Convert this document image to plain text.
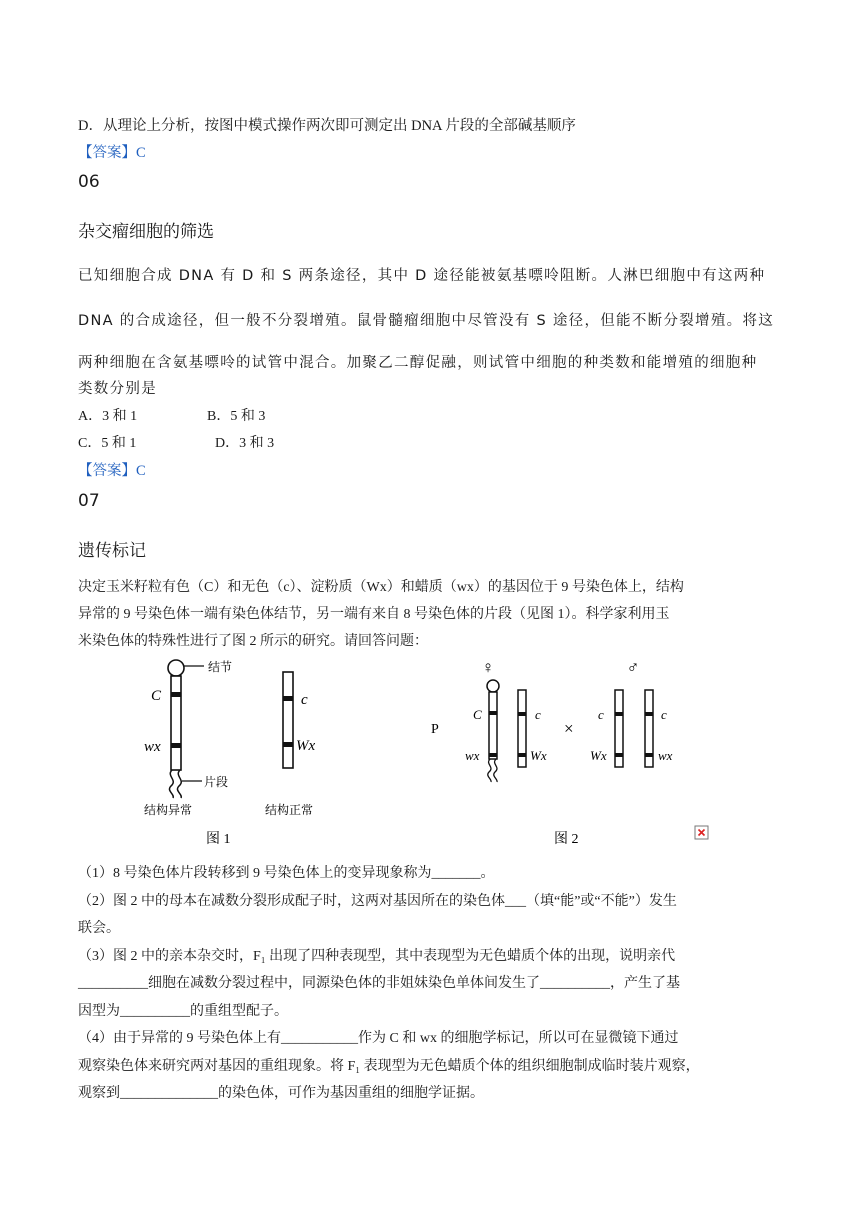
D．从理论上分析，按图中模式操作两次即可测定出 DNA 片段的全部碱基顺序
【答案】C
06
杂交瘤细胞的筛选
已知细胞合成 DNA 有 D 和 S 两条途径，其中 D 途径能被氨基嘌呤阻断。人淋巴细胞中有这两种
DNA 的合成途径，但一般不分裂增殖。鼠骨髓瘤细胞中尽管没有 S 途径，但能不断分裂增殖。将这
两种细胞在含氨基嘌呤的试管中混合。加聚乙二醇促融，则试管中细胞的种类数和能增殖的细胞种
类数分别是
A．3 和 1	B．5 和 3
C．5 和 1	D．3 和 3
【答案】C
07
遗传标记
决定玉米籽粒有色（C）和无色（c）、淀粉质（Wx）和蜡质（wx）的基因位于 9 号染色体上，结构
异常的 9 号染色体一端有染色体结节，另一端有来自 8 号染色体的片段（见图 1）。科学家利用玉
米染色体的特殊性进行了图 2 所示的研究。请回答问题：
结节
片段
C
wx
结构异常
c
Wx
结构正常
图 1
♀	♂
P	×
C
wx
c
Wx
c
Wx
c
wx
图 2
（1）8 号染色体片段转移到 9 号染色体上的变异现象称为_______。
（2）图 2 中的母本在减数分裂形成配子时，这两对基因所在的染色体___（填“能”或“不能”）发生
联会。
（3）图 2 中的亲本杂交时，F₁ 出现了四种表现型，其中表现型为无色蜡质个体的出现，说明亲代
__________细胞在减数分裂过程中，同源染色体的非姐妹染色单体间发生了__________，产生了基
因型为__________的重组型配子。
（4）由于异常的 9 号染色体上有___________作为 C 和 wx 的细胞学标记，所以可在显微镜下通过
观察染色体来研究两对基因的重组现象。将 F₁ 表现型为无色蜡质个体的组织细胞制成临时装片观察，
观察到______________的染色体，可作为基因重组的细胞学证据。
